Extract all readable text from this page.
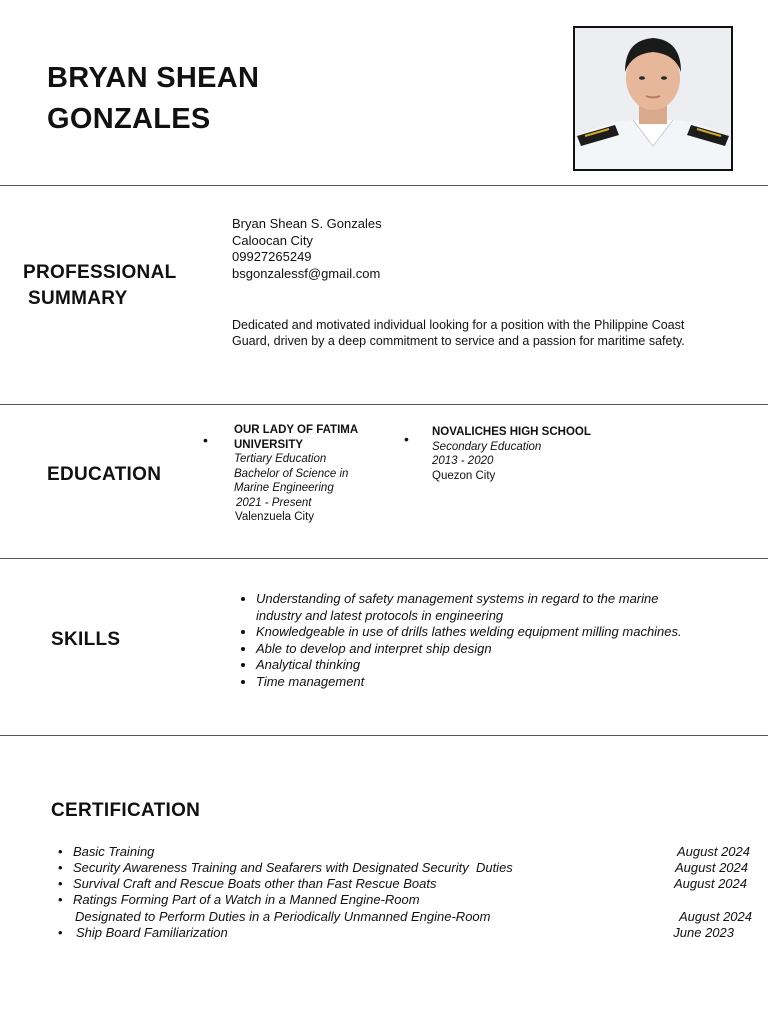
BRYAN SHEAN
GONZALES
PROFESSIONAL
SUMMARY
Bryan Shean S. Gonzales
Caloocan City
09927265249
bsgonzalessf@gmail.com
Dedicated and motivated individual looking for a position with the Philippine Coast Guard, driven by a deep commitment to service and a passion for maritime safety.
EDUCATION
•
OUR LADY OF FATIMA
UNIVERSITY
Tertiary Education
Bachelor of Science in
Marine Engineering
2021 - Present
Valenzuela City
• NOVALICHES HIGH SCHOOL
Secondary Education
2013 - 2020
Quezon City
SKILLS
• Understanding of safety management systems in regard to the marine industry and latest protocols in engineering
• Knowledgeable in use of drills lathes welding equipment milling machines.
• Able to develop and interpret ship design
• Analytical thinking
• Time management
CERTIFICATION
• Basic Training	August 2024
• Security Awareness Training and Seafarers with Designated Security  Duties	August 2024
• Survival Craft and Rescue Boats other than Fast Rescue Boats	August 2024
• Ratings Forming Part of a Watch in a Manned Engine-Room
Designated to Perform Duties in a Periodically Unmanned Engine-Room	August 2024
• Ship Board Familiarization	June 2023
